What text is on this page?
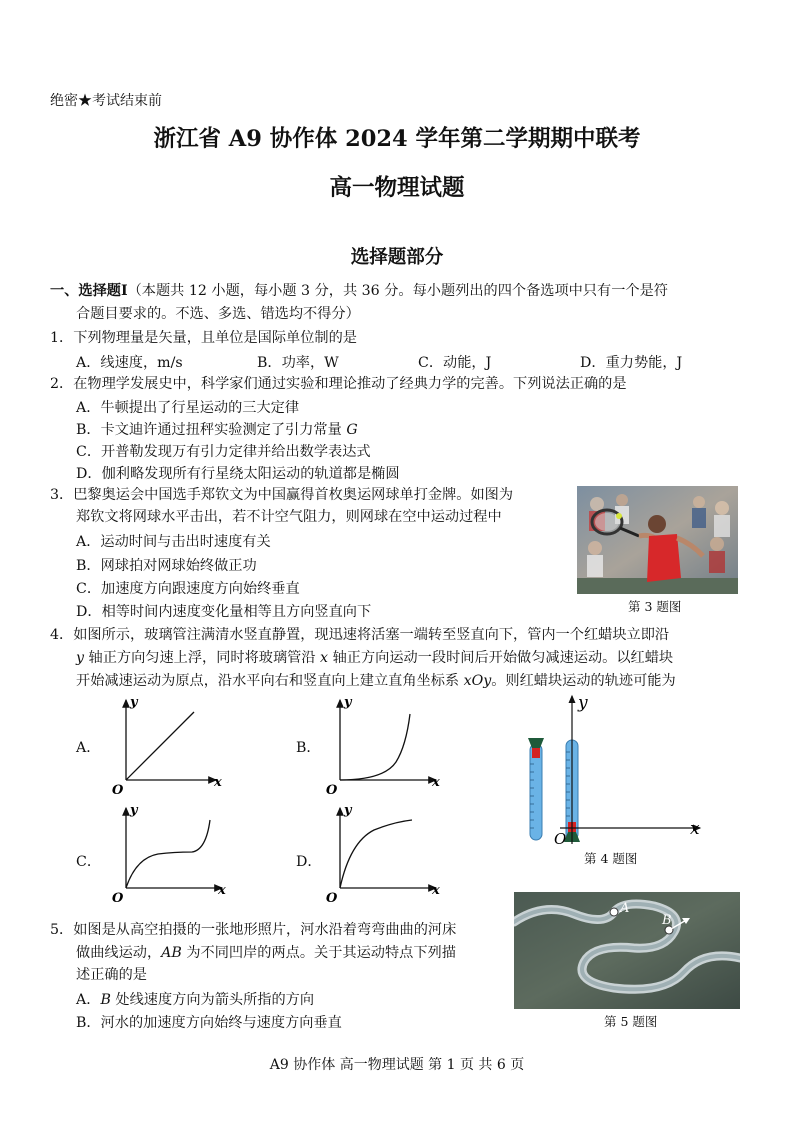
绝密★考试结束前
浙江省 A9 协作体 2024 学年第二学期期中联考
高一物理试题
选择题部分
一、选择题Ⅰ（本题共 12 小题，每小题 3 分，共 36 分。每小题列出的四个备选项中只有一个是符
合题目要求的。不选、多选、错选均不得分）
1．下列物理量是矢量，且单位是国际单位制的是
A．线速度，m/s	B．功率，W	C．动能，J	D．重力势能，J
2．在物理学发展史中，科学家们通过实验和理论推动了经典力学的完善。下列说法正确的是
A．牛顿提出了行星运动的三大定律
B．卡文迪许通过扭秤实验测定了引力常量 G
C．开普勒发现万有引力定律并给出数学表达式
D．伽利略发现所有行星绕太阳运动的轨道都是椭圆
3．巴黎奥运会中国选手郑钦文为中国赢得首枚奥运网球单打金牌。如图为
郑钦文将网球水平击出，若不计空气阻力，则网球在空中运动过程中
A．运动时间与击出时速度有关
B．网球拍对网球始终做正功
C．加速度方向跟速度方向始终垂直
D．相等时间内速度变化量相等且方向竖直向下	第 3 题图
4．如图所示，玻璃管注满清水竖直静置，现迅速将活塞一端转至竖直向下，管内一个红蜡块立即沿
y 轴正方向匀速上浮，同时将玻璃管沿 x 轴正方向运动一段时间后开始做匀减速运动。以红蜡块
开始减速运动为原点，沿水平向右和竖直向上建立直角坐标系 xOy。则红蜡块运动的轨迹可能为
A．	B．
C．	D．
y
x
O
y
x
O
y
x
O
y
x
O
y
x
O
第 4 题图
5．如图是从高空拍摄的一张地形照片，河水沿着弯弯曲曲的河床
做曲线运动，AB 为不同凹岸的两点。关于其运动特点下列描
述正确的是
A．B 处线速度方向为箭头所指的方向
B．河水的加速度方向始终与速度方向垂直
A
B
第 5 题图
A9 协作体 高一物理试题 第 1 页 共 6 页
